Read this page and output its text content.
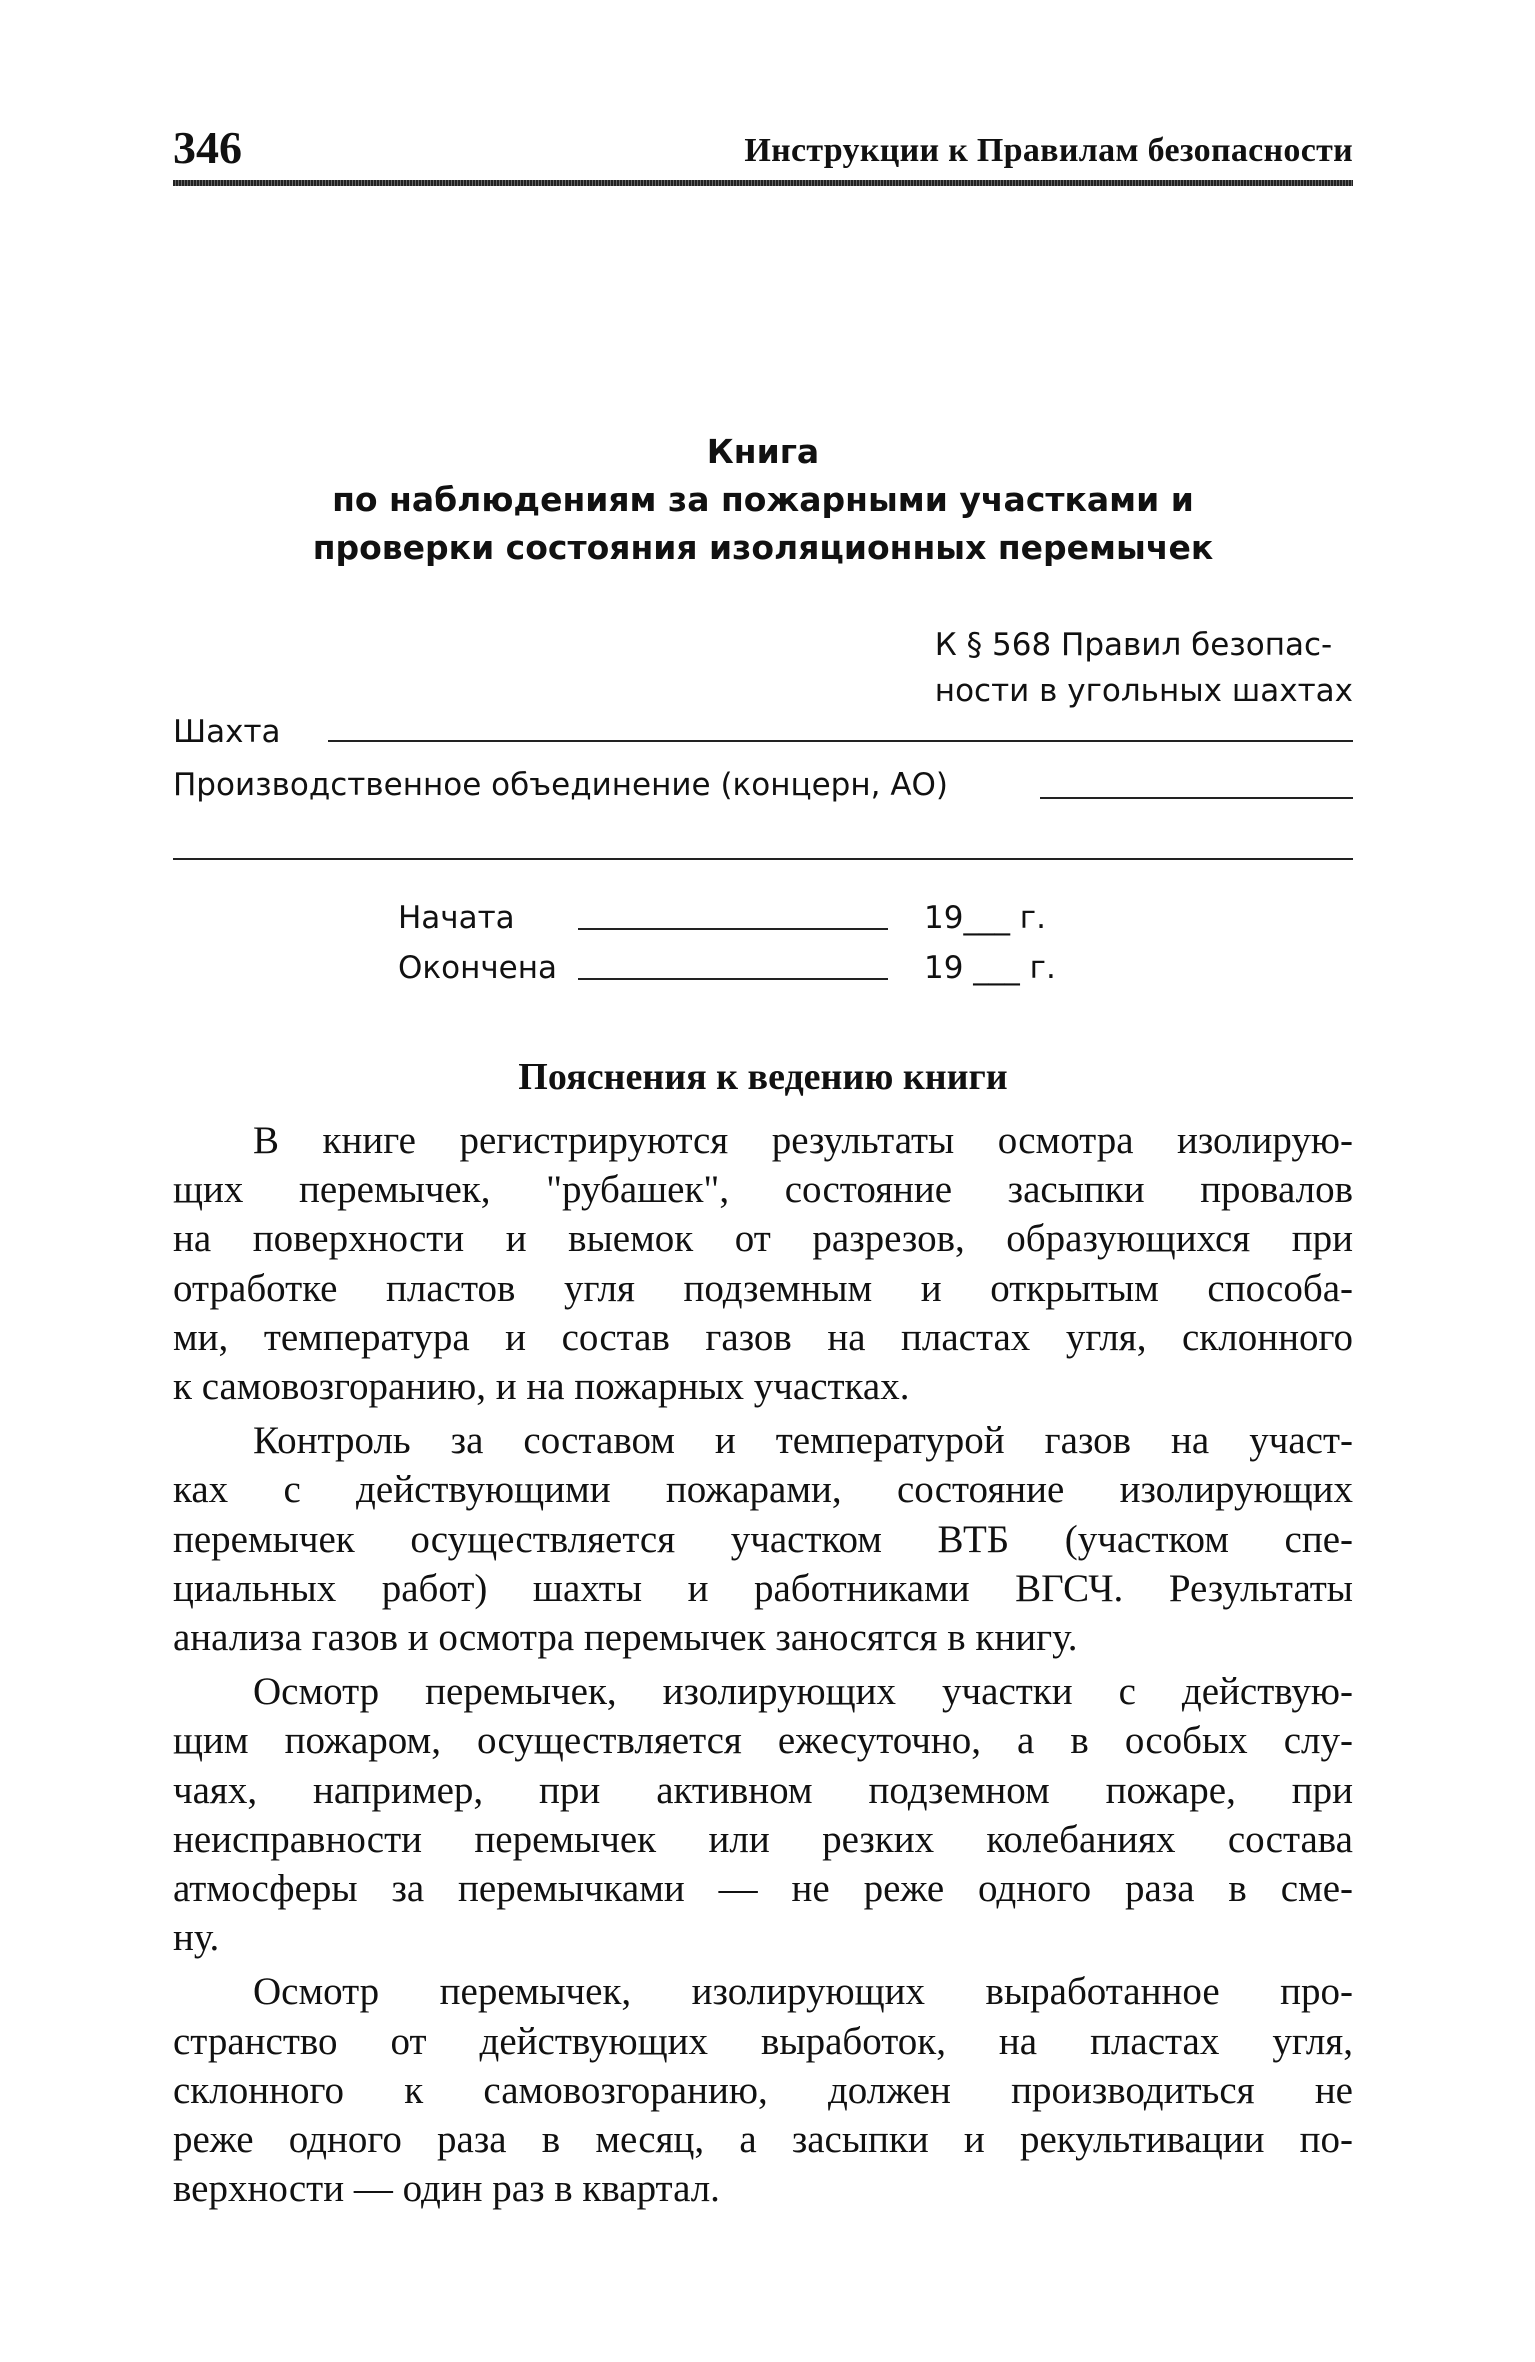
346	Инструкции к Правилам безопасности
Книга
по наблюдениям за пожарными участками и
проверки состояния изоляционных перемычек
К § 568 Правил безопас-
ности в угольных шахтах
Шахта
Производственное объединение (концерн, АО)
Начата	19___ г.
Окончена	19 ___ г.
Пояснения к ведению книги
В книге регистрируются результаты осмотра изолирую-
щих перемычек, "рубашек", состояние засыпки провалов
на поверхности и выемок от разрезов, образующихся при
отработке пластов угля подземным и открытым способа-
ми, температура и состав газов на пластах угля, склонного
к самовозгоранию, и на пожарных участках.
Контроль за составом и температурой газов на участ-
ках с действующими пожарами, состояние изолирующих
перемычек осуществляется участком ВТБ (участком спе-
циальных работ) шахты и работниками ВГСЧ. Результаты
анализа газов и осмотра перемычек заносятся в книгу.
Осмотр перемычек, изолирующих участки с действую-
щим пожаром, осуществляется ежесуточно, а в особых слу-
чаях, например, при активном подземном пожаре, при
неисправности перемычек или резких колебаниях состава
атмосферы за перемычками — не реже одного раза в сме-
ну.
Осмотр перемычек, изолирующих выработанное про-
странство от действующих выработок, на пластах угля,
склонного к самовозгоранию, должен производиться не
реже одного раза в месяц, а засыпки и рекультивации по-
верхности — один раз в квартал.
